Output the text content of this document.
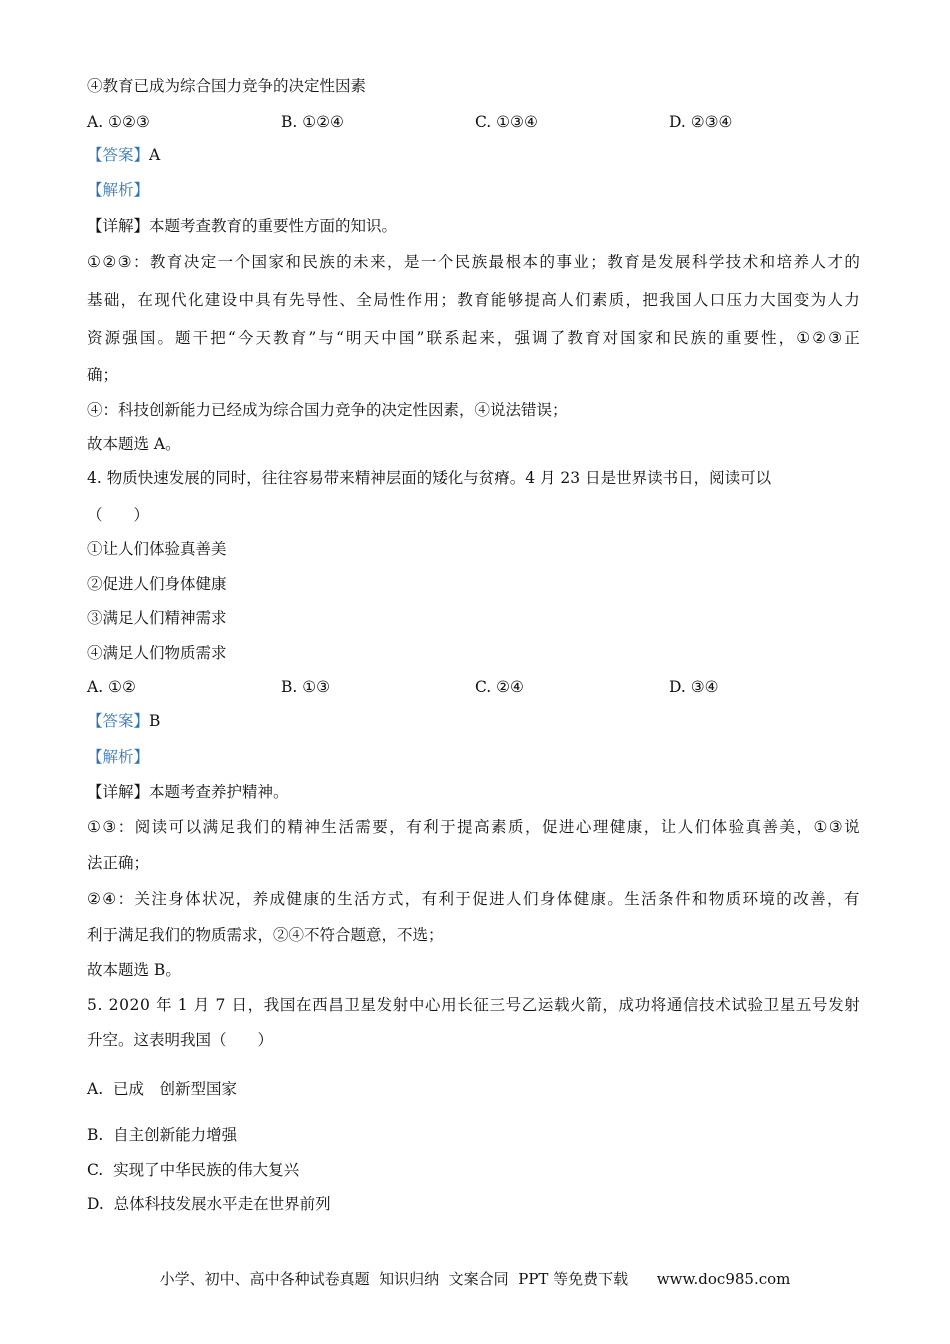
④教育已成为综合国力竞争的决定性因素
A. ①②③	B. ①②④	C. ①③④	D. ②③④
【答案】A
【解析】
【详解】本题考查教育的重要性方面的知识。
① ② ③ ： 教 育 决 定 一 个 国 家 和 民 族 的 未 来 ， 是 一 个 民 族 最 根 本 的 事 业 ； 教 育 是 发 展 科 学 技 术 和 培 养 人 才 的
基 础 ， 在 现 代 化 建 设 中 具 有 先 导 性 、 全 局 性 作 用 ； 教 育 能 够 提 高 人 们 素 质 ， 把 我 国 人 口 压 力 大 国 变 为 人 力
资 源 强 国 。 题 干 把 “ 今 天 教 育 ” 与 “ 明 天 中 国 ” 联 系 起 来 ， 强 调 了 教 育 对 国 家 和 民 族 的 重 要 性 ， ① ② ③ 正
确；
④：科技创新能力已经成为综合国力竞争的决定性因素，④说法错误；
故本题选 A。
4. 物质快速发展的同时，往往容易带来精神层面的矮化与贫瘠。4 月 23 日是世界读书日，阅读可以
（　　）
①让人们体验真善美
②促进人们身体健康
③满足人们精神需求
④满足人们物质需求
A. ①②	B. ①③	C. ②④	D. ③④
【答案】B
【解析】
【详解】本题考查养护精神。
① ③ ： 阅 读 可 以 满 足 我 们 的 精 神 生 活 需 要 ， 有 利 于 提 高 素 质 ， 促 进 心 理 健 康 ， 让 人 们 体 验 真 善 美 ， ① ③ 说
法正确；
② ④ ： 关 注 身 体 状 况 ， 养 成 健 康 的 生 活 方 式 ， 有 利 于 促 进 人 们 身 体 健 康 。 生 活 条 件 和 物 质 环 境 的 改 善 ， 有
利于满足我们的物质需求，②④不符合题意，不选；
故本题选 B。
5 .
2 0 2 0
年
1
月
7
日 ， 我 国 在 西 昌 卫 星 发 射 中 心 用 长 征 三 号 乙 运 载 火 箭 ， 成 功 将 通 信 技 术 试 验 卫 星 五 号 发 射
升空。这表明我国（　　）
A.  已成　创新型国家
B.  自主创新能力增强
C.  实现了中华民族的伟大复兴
D.  总体科技发展水平走在世界前列
小学、初中、高中各种试卷真题  知识归纳  文案合同  PPT 等免费下载 www.doc985.com
